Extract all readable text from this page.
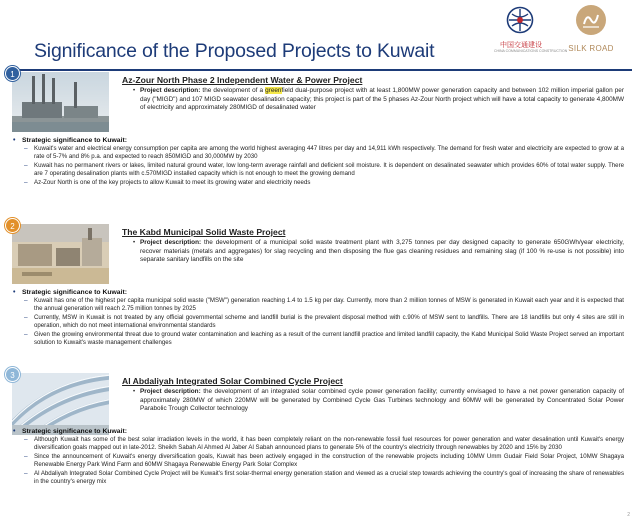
Significance of the Proposed Projects to Kuwait	中国交通建设
CHINA COMMUNICATIONS CONSTRUCTION SILK ROAD
1
Az-Zour North Phase 2 Independent Water & Power Project
• Project description: the development of a greenfield dual-purpose project with at least 1,800MW power generation capacity and between 102 million imperial gallon per day ("MIGD") and 107 MIGD seawater desalination capacity; this project is part of the 5 phases Az-Zour North project which will have a total capacity to generate 4,800MW of electricity and approximately 280MIGD of desalinated water
• Strategic significance to Kuwait:
– Kuwait's water and electrical energy consumption per capita are among the world highest averaging 447 litres per day and 14,911 kWh respectively. The demand for fresh water and electricity are expected to grow at a rate of 5-7% and 8% p.a. and expected to reach 850MIGD and 30,000MW by 2030
– Kuwait has no permanent rivers or lakes, limited natural ground water, low long-term average rainfall and deficient soil moisture. It is dependent on desalinated seawater which provides 60% of total water supply. There are 7 operating desalination plants with c.570MIGD installed capacity which is not enough to meet the growing demand
– Az-Zour North is one of the key projects to allow Kuwait to meet its growing water and electricity needs
2
The Kabd Municipal Solid Waste Project
• Project description: the development of a municipal solid waste treatment plant with 3,275 tonnes per day designed capacity to generate 650GWh/year electricity, recover materials (metals and aggregates) for slag recycling and then disposing the flue gas cleaning residues and remaining slag (if 100 % re-use is not possible) into separate sanitary landfills on the site
• Strategic significance to Kuwait:
– Kuwait has one of the highest per capita municipal solid waste ("MSW") generation reaching 1.4 to 1.5 kg per day. Currently, more than 2 million tonnes of MSW is generated in Kuwait each year and it is expected that the annual generation will reach 2.75 million tonnes by 2025
– Currently, MSW in Kuwait is not treated by any official governmental scheme and landfill burial is the prevalent disposal method with c.90% of MSW sent to landfills. There are 18 landfills but only 4 sites are still in operation, which do not meet international environmental standards
– Given the growing environmental threat due to ground water contamination and leaching as a result of the current landfill practice and limited landfill capacity, the Kabd Municipal Solid Waste Project served an important solution to Kuwait's waste management challenges
3
Al Abdaliyah Integrated Solar Combined Cycle Project
• Project description: the development of an integrated solar combined cycle power generation facility; currently envisaged to have a net power generation capacity of approximately 280MW of which 220MW will be generated by Combined Cycle Gas Turbines technology and 60MW will be generated by Concentrated Solar Power Parabolic Trough Collector technology
• Strategic significance to Kuwait:
– Although Kuwait has some of the best solar irradiation levels in the world, it has been completely reliant on the non-renewable fossil fuel resources for power generation and water desalination until Kuwait's energy diversification goals mapped out in late-2012. Sheikh Sabah Al Ahmed Al Jaber Al Sabah announced plans to generate 5% of the country's electricity through renewables by 2020 and 15% by 2030
– Since the announcement of Kuwait's energy diversification goals, Kuwait has been actively engaged in the construction of the renewable projects including 10MW Umm Gudair Field Solar Project, 10MW Shagaya Renewable Energy Park Wind Farm and 60MW Shagaya Renewable Energy Park Solar Complex
– Al Abdaliyah Integrated Solar Combined Cycle Project will be Kuwait's first solar-thermal energy generation station and viewed as a crucial step towards achieving the country's goal of increasing the share of renewables in the country's energy mix
2
